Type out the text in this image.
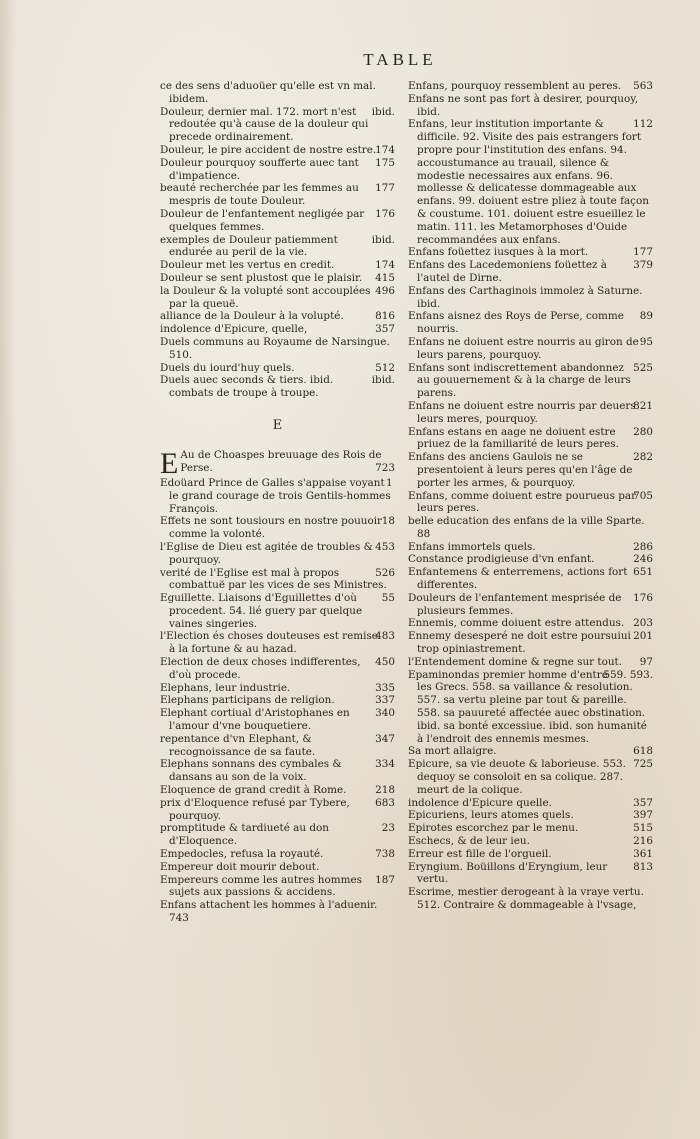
TABLE

ce des sens d'aduoüer qu'elle est vn mal. ibidem.

ibid.
Douleur, dernier mal. 172. mort n'est redoutée qu'à cause de la douleur qui precede ordinairement.

174
Douleur, le pire accident de nostre estre.

175
Douleur pourquoy soufferte auec tant d'impatience.

177
beauté recherchée par les femmes au mespris de toute Douleur.

176
Douleur de l'enfantement negligée par quelques femmes.

ibid.
exemples de Douleur patiemment endurée au peril de la vie.

174
Douleur met les vertus en credit.

415
Douleur se sent plustost que le plaisir.

496
la Douleur & la volupté sont accouplées par la queuë.

816
alliance de la Douleur à la volupté.

357
indolence d'Epicure, quelle,

Duels communs au Royaume de Narsingue. 510.

512
Duels du iourd'huy quels.

ibid.
Duels auec seconds & tiers. ibid. combats de troupe à troupe.

E
E Au de Choaspes breuuage des Rois de Perse.	723

1
Edoüard Prince de Galles s'appaise voyant le grand courage de trois Gentils-hommes François.

18
Effets ne sont tousiours en nostre pouuoir comme la volonté.

453
l'Eglise de Dieu est agitée de troubles & pourquoy.

526
verité de l'Eglise est mal à propos combattuë par les vices de ses Ministres.

55
Eguillette. Liaisons d'Eguillettes d'où procedent. 54. lié guery par quelque vaines singeries.

483
l'Election és choses douteuses est remise à la fortune & au hazad.

450
Election de deux choses indifferentes, d'où procede.

335
Elephans, leur industrie.

337
Elephans participans de religion.

340
Elephant cortiual d'Aristophanes en l'amour d'vne bouquetiere.

347
repentance d'vn Elephant, & recognoissance de sa faute.

334
Elephans sonnans des cymbales & dansans au son de la voix.

218
Eloquence de grand credit à Rome.

683
prix d'Eloquence refusé par Tybere, pourquoy.

23
promptitude & tardiueté au don d'Eloquence.

738
Empedocles, refusa la royauté.

Empereur doit mourir debout.

187
Empereurs comme les autres hommes sujets aux passions & accidens.

Enfans attachent les hommes à l'aduenir. 743

563
Enfans, pourquoy ressemblent au peres.

Enfans ne sont pas fort à desirer, pourquoy, ibid.

112
Enfans, leur institution importante & difficile. 92. Visite des pais estrangers fort propre pour l'institution des enfans. 94. accoustumance au trauail, silence & modestie necessaires aux enfans. 96. mollesse & delicatesse dommageable aux enfans. 99. doiuent estre pliez à toute façon & coustume. 101. doiuent estre esueillez le matin. 111. les Metamorphoses d'Ouide recommandées aux enfans.

177
Enfans foüettez iusques à la mort.

379
Enfans des Lacedemoniens foüettez à l'autel de Dirne.

Enfans des Carthaginois immolez à Saturne. ibid.

89
Enfans aisnez des Roys de Perse, comme nourris.

95
Enfans ne doiuent estre nourris au giron de leurs parens, pourquoy.

525
Enfans sont indiscrettement abandonnez au gouuernement & à la charge de leurs parens.

821
Enfans ne doiuent estre nourris par deuers leurs meres, pourquoy.

280
Enfans estans en aage ne doiuent estre priuez de la familiarité de leurs peres.

282
Enfans des anciens Gaulois ne se presentoient à leurs peres qu'en l'âge de porter les armes, & pourquoy.

705
Enfans, comme doiuent estre pourueus par leurs peres.

belle education des enfans de la ville Sparte. 88

286
Enfans immortels quels.

246
Constance prodigieuse d'vn enfant.

651
Enfantemens & enterremens, actions fort differentes.

176
Douleurs de l'enfantement mesprisée de plusieurs femmes.

203
Ennemis, comme doiuent estre attendus.

201
Ennemy desesperé ne doit estre poursuiui trop opiniastrement.

97
l'Entendement domine & regne sur tout.

559. 593.
Epaminondas premier homme d'entre les Grecs. 558. sa vaillance & resolution. 557. sa vertu pleine par tout & pareille. 558. sa pauureté affectée auec obstination. ibid. sa bonté excessiue. ibid. son humanité à l'endroit des ennemis mesmes.

618
Sa mort allaigre.

725
Epicure, sa vie deuote & laborieuse. 553. dequoy se consoloit en sa colique. 287. meurt de la colique.

357
indolence d'Epicure quelle.

397
Epicuriens, leurs atomes quels.

515
Epirotes escorchez par le menu.

216
Eschecs, & de leur ieu.

361
Erreur est fille de l'orgueil.

813
Eryngium. Boüillons d'Eryngium, leur vertu.

Escrime, mestier derogeant à la vraye vertu. 512. Contraire & dommageable à l'vsage,
